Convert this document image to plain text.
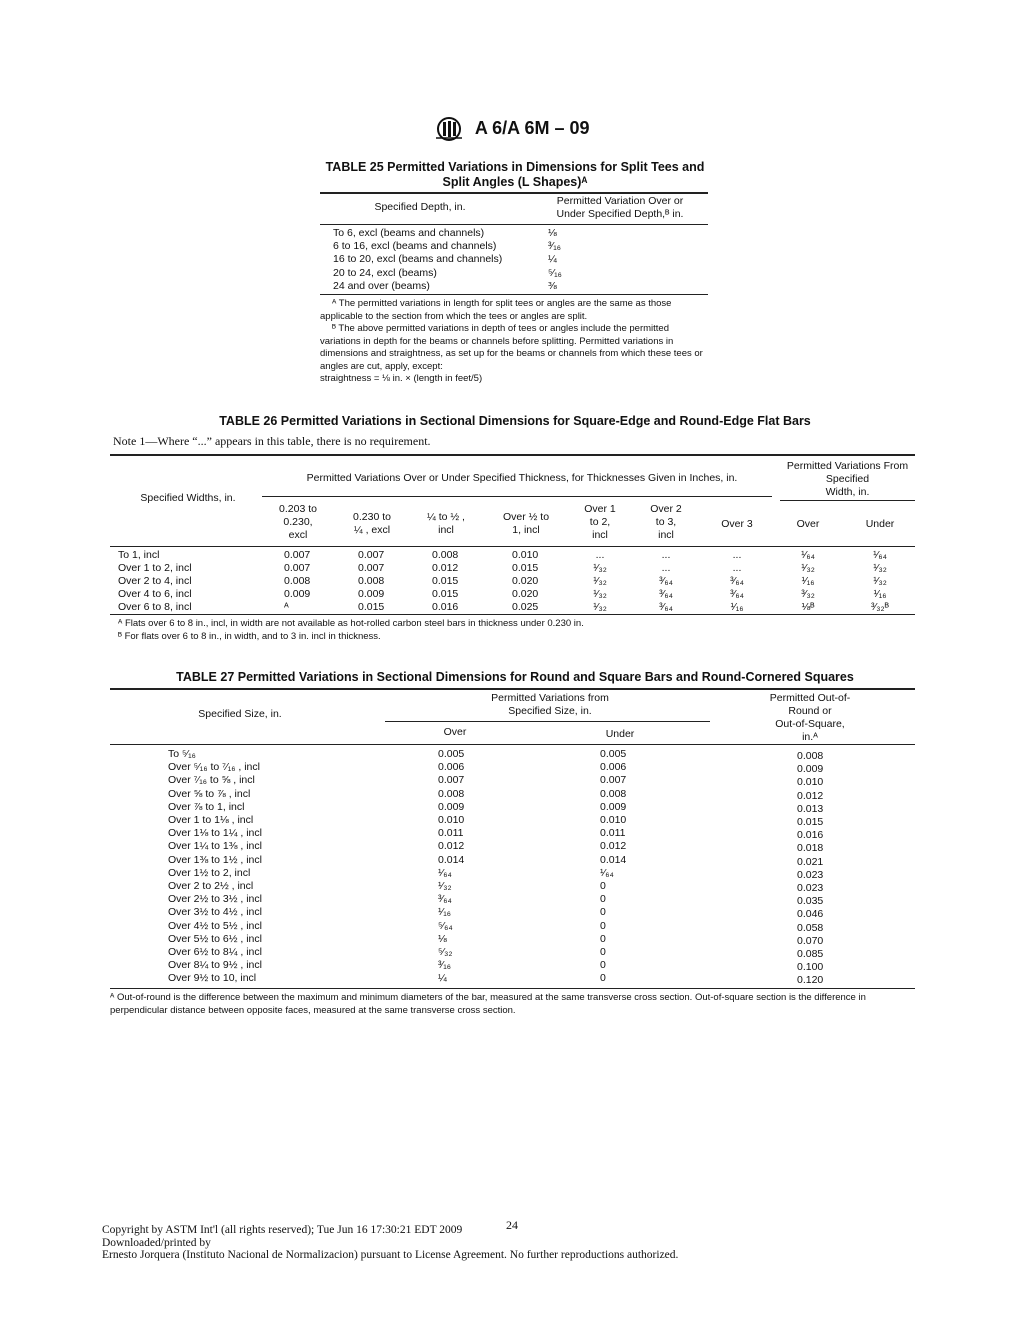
A 6/A 6M – 09
TABLE 25 Permitted Variations in Dimensions for Split Tees and
Split Angles (L Shapes)ᴬ
Specified Depth, in.	Permitted Variation Over or
Under Specified Depth,ᴮ in.
To 6, excl (beams and channels)	⅛
6 to 16, excl (beams and channels)	³⁄₁₆
16 to 20, excl (beams and channels)	¼
20 to 24, excl (beams)	⁵⁄₁₆
24 and over (beams)	⅜
ᴬ The permitted variations in length for split tees or angles are the same as those applicable to the section from which the tees or angles are split.
ᴮ The above permitted variations in depth of tees or angles include the permitted variations in depth for the beams or channels before splitting. Permitted variations in dimensions and straightness, as set up for the beams or channels from which these tees or angles are cut, apply, except:
straightness = ⅛ in. × (length in feet/5)
TABLE 26 Permitted Variations in Sectional Dimensions for Square-Edge and Round-Edge Flat Bars
Note 1—Where “...” appears in this table, there is no requirement.
Specified Widths, in.
Permitted Variations Over or Under Specified Thickness, for Thicknesses Given in Inches, in.
Permitted Variations From
Specified
Width, in.
0.203 to
0.230,
excl
0.230 to
¼ , excl
¼ to ½ ,
incl
Over ½ to
1, incl
Over 1
to 2,
incl
Over 2
to 3,
incl
Over 3	Over	Under
To 1, incl	0.007	0.007	0.008	0.010	...	...	...	¹⁄₆₄	¹⁄₆₄
Over 1 to 2, incl	0.007	0.007	0.012	0.015	¹⁄₃₂	...	...	¹⁄₃₂	¹⁄₃₂
Over 2 to 4, incl	0.008	0.008	0.015	0.020	¹⁄₃₂	³⁄₆₄	³⁄₆₄	¹⁄₁₆	¹⁄₃₂
Over 4 to 6, incl	0.009	0.009	0.015	0.020	¹⁄₃₂	³⁄₆₄	³⁄₆₄	³⁄₃₂	¹⁄₁₆
Over 6 to 8, incl	ᴬ	0.015	0.016	0.025	¹⁄₃₂	³⁄₆₄	¹⁄₁₆	⅛ᴮ	³⁄₃₂ᴮ
ᴬ Flats over 6 to 8 in., incl, in width are not available as hot-rolled carbon steel bars in thickness under 0.230 in.
ᴮ For flats over 6 to 8 in., in width, and to 3 in. incl in thickness.
TABLE 27 Permitted Variations in Sectional Dimensions for Round and Square Bars and Round-Cornered Squares
Specified Size, in.
Permitted Variations from
Specified Size, in.
Over	Under
Permitted Out-of-
Round or
Out-of-Square,
in.ᴬ
To ⁵⁄₁₆	0.005	0.005	0.008
Over ⁵⁄₁₆ to ⁷⁄₁₆ , incl	0.006	0.006	0.009
Over ⁷⁄₁₆ to ⅝ , incl	0.007	0.007	0.010
Over ⅝ to ⅞ , incl	0.008	0.008	0.012
Over ⅞ to 1, incl	0.009	0.009	0.013
Over 1 to 1⅛ , incl	0.010	0.010	0.015
Over 1⅛ to 1¼ , incl	0.011	0.011	0.016
Over 1¼ to 1⅜ , incl	0.012	0.012	0.018
Over 1⅜ to 1½ , incl	0.014	0.014	0.021
Over 1½ to 2, incl	¹⁄₆₄	¹⁄₆₄	0.023
Over 2 to 2½ , incl	¹⁄₃₂	0	0.023
Over 2½ to 3½ , incl	³⁄₆₄	0	0.035
Over 3½ to 4½ , incl	¹⁄₁₆	0	0.046
Over 4½ to 5½ , incl	⁵⁄₆₄	0	0.058
Over 5½ to 6½ , incl	⅛	0	0.070
Over 6½ to 8¼ , incl	⁵⁄₃₂	0	0.085
Over 8¼ to 9½ , incl	³⁄₁₆	0	0.100
Over 9½ to 10, incl	¼	0	0.120
ᴬ Out-of-round is the difference between the maximum and minimum diameters of the bar, measured at the same transverse cross section. Out-of-square section is the difference in perpendicular distance between opposite faces, measured at the same transverse cross section.
Copyright by ASTM Int'l (all rights reserved); Tue Jun 16 17:30:21 EDT 2009
Downloaded/printed by
Ernesto Jorquera (Instituto Nacional de Normalizacion) pursuant to License Agreement. No further reproductions authorized.
24
